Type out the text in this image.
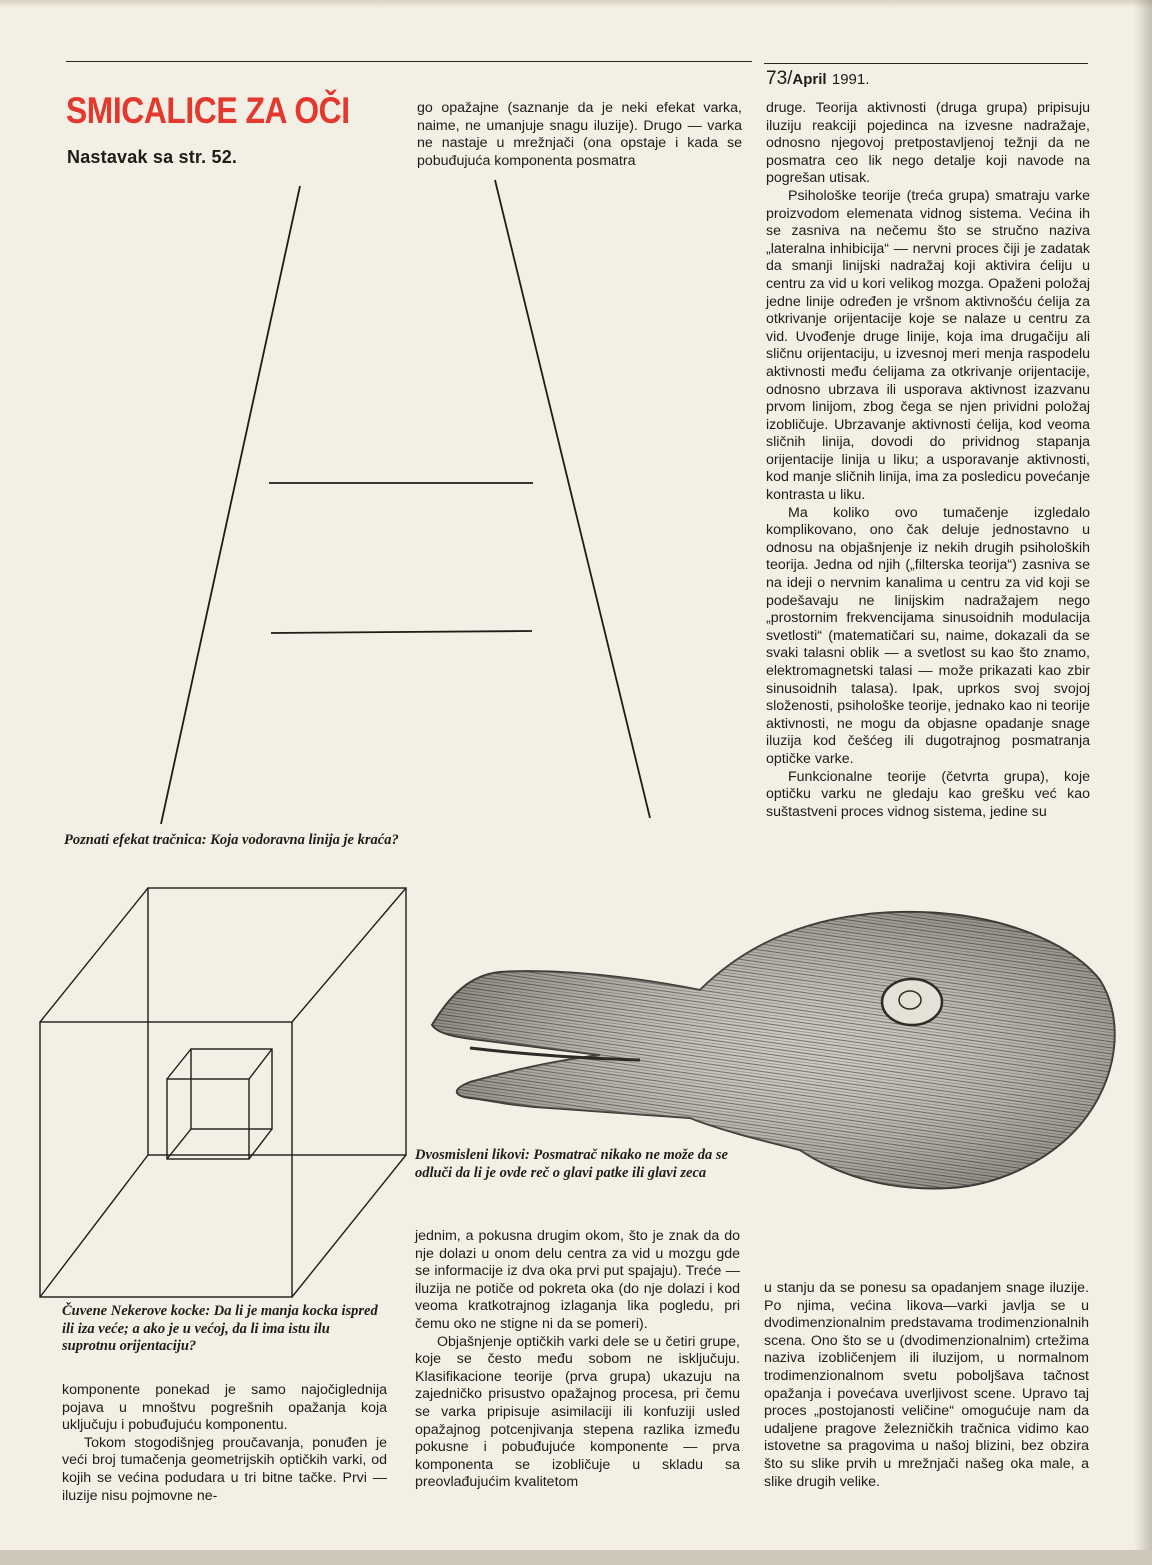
73/April 1991.
SMICALICE ZA OČI
Nastavak sa str. 52.

go opažajne (saznanje da je neki efekat varka, naime, ne umanjuje snagu iluzije). Drugo — varka ne nastaje u mrežnjači (ona opstaje i kada se pobuđujuća komponenta posmatra

druge. Teorija aktivnosti (druga grupa) pripisuju iluziju reakciji pojedinca na izvesne nadražaje, odnosno njegovoj pretpostavljenoj težnji da ne posmatra ceo lik nego detalje koji navode na pogrešan utisak.

Psihološke teorije (treća grupa) smatraju varke proizvodom elemenata vidnog sistema. Većina ih se zasniva na nečemu što se stručno naziva „lateralna inhibicija“ — nervni proces čiji je zadatak da smanji linijski nadražaj koji aktivira ćeliju u centru za vid u kori velikog mozga. Opaženi položaj jedne linije određen je vršnom aktivnošću ćelija za otkrivanje orijentacije koje se nalaze u centru za vid. Uvođenje druge linije, koja ima drugačiju ali sličnu orijentaciju, u izvesnoj meri menja raspodelu aktivnosti među ćelijama za otkrivanje orijentacije, odnosno ubrzava ili usporava aktivnost izazvanu prvom linijom, zbog čega se njen prividni položaj izobličuje. Ubrzavanje aktivnosti ćelija, kod veoma sličnih linija, dovodi do prividnog stapanja orijentacije linija u liku; a usporavanje aktivnosti, kod manje sličnih linija, ima za posledicu povećanje kontrasta u liku.

Ma koliko ovo tumačenje izgledalo komplikovano, ono čak deluje jednostavno u odnosu na objašnjenje iz nekih drugih psiholoških teorija. Jedna od njih („filterska teorija“) zasniva se na ideji o nervnim kanalima u centru za vid koji se podešavaju ne linijskim nadražajem nego „prostornim frekvencijama sinusoidnih modulacija svetlosti“ (matematičari su, naime, dokazali da se svaki talasni oblik — a svetlost su kao što znamo, elektromagnetski talasi — može prikazati kao zbir sinusoidnih talasa). Ipak, uprkos svoj svojoj složenosti, psihološke teorije, jednako kao ni teorije aktivnosti, ne mogu da objasne opadanje snage iluzija kod češćeg ili dugotrajnog posmatranja optičke varke.

Funkcionalne teorije (četvrta grupa), koje optičku varku ne gledaju kao grešku već kao suštastveni proces vidnog sistema, jedine su

Poznati efekat tračnica: Koja vodoravna linija je kraća?
Čuvene Nekerove kocke: Da li je manja kocka ispred ili iza veće; a ako je u većoj, da li ima istu ilu suprotnu orijentaciju?
Dvosmisleni likovi: Posmatrač nikako ne može da se odluči da li je ovde reč o glavi patke ili glavi zeca

komponente ponekad je samo najočiglednija pojava u mnoštvu pogrešnih opažanja koja uključuju i pobuđujuću komponentu.

Tokom stogodišnjeg proučavanja, ponuđen je veći broj tumačenja geometrijskih optičkih varki, od kojih se većina podudara u tri bitne tačke. Prvi — iluzije nisu pojmovne ne-

jednim, a pokusna drugim okom, što je znak da do nje dolazi u onom delu centra za vid u mozgu gde se informacije iz dva oka prvi put spajaju). Treće — iluzija ne potiče od pokreta oka (do nje dolazi i kod veoma kratkotrajnog izlaganja lika pogledu, pri čemu oko ne stigne ni da se pomeri).

Objašnjenje optičkih varki dele se u četiri grupe, koje se često među sobom ne isključuju. Klasifikacione teorije (prva grupa) ukazuju na zajedničko prisustvo opažajnog procesa, pri čemu se varka pripisuje asimilaciji ili konfuziji usled opažajnog potcenjivanja stepena razlika između pokusne i pobuđujuće komponente — prva komponenta se izobličuje u skladu sa preovlađujućim kvalitetom

u stanju da se ponesu sa opadanjem snage iluzije. Po njima, većina likova—varki javlja se u dvodimenzionalnim predstavama trodimenzionalnih scena. Ono što se u (dvodimenzionalnim) crtežima naziva izobličenjem ili iluzijom, u normalnom trodimenzionalnom svetu poboljšava tačnost opažanja i povećava uverljivost scene. Upravo taj proces „postojanosti veličine“ omogućuje nam da udaljene pragove železničkih tračnica vidimo kao istovetne sa pragovima u našoj blizini, bez obzira što su slike prvih u mrežnjači našeg oka male, a slike drugih velike.
